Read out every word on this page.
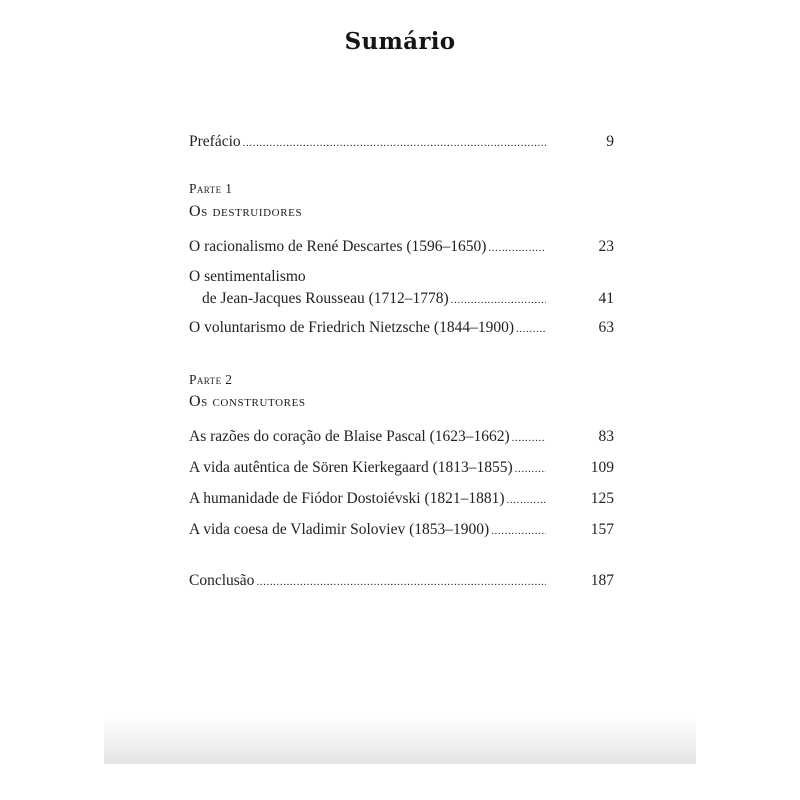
Sumário
Prefácio .....	9
Parte 1
Os destruidores
O racionalismo de René Descartes (1596–1650) .....	23
O sentimentalismo
de Jean-Jacques Rousseau (1712–1778) .....	41
O voluntarismo de Friedrich Nietzsche (1844–1900) .....	63
Parte 2
Os construtores
As razões do coração de Blaise Pascal (1623–1662) .....	83
A vida autêntica de Sören Kierkegaard (1813–1855) .....	109
A humanidade de Fiódor Dostoiévski (1821–1881) .....	125
A vida coesa de Vladimir Soloviev (1853–1900) .....	157
Conclusão .....	187
